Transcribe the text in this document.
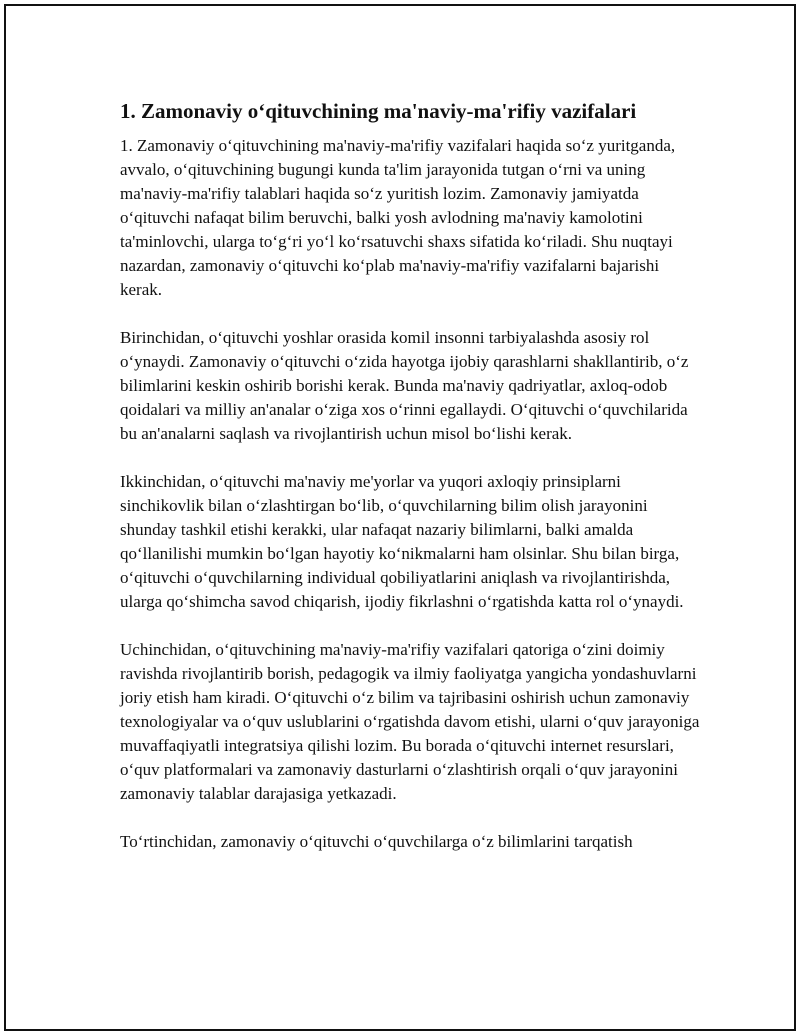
1. Zamonaviy o‘qituvchining ma'naviy-ma'rifiy vazifalari

1. Zamonaviy o‘qituvchining ma'naviy-ma'rifiy vazifalari haqida so‘z yuritganda, avvalo, o‘qituvchining bugungi kunda ta'lim jarayonida tutgan o‘rni va uning ma'naviy-ma'rifiy talablari haqida so‘z yuritish lozim. Zamonaviy jamiyatda o‘qituvchi nafaqat bilim beruvchi, balki yosh avlodning ma'naviy kamolotini ta'minlovchi, ularga to‘g‘ri yo‘l ko‘rsatuvchi shaxs sifatida ko‘riladi. Shu nuqtayi nazardan, zamonaviy o‘qituvchi ko‘plab ma'naviy-ma'rifiy vazifalarni bajarishi kerak.

Birinchidan, o‘qituvchi yoshlar orasida komil insonni tarbiyalashda asosiy rol o‘ynaydi. Zamonaviy o‘qituvchi o‘zida hayotga ijobiy qarashlarni shakllantirib, o‘z bilimlarini keskin oshirib borishi kerak. Bunda ma'naviy qadriyatlar, axloq-odob qoidalari va milliy an'analar o‘ziga xos o‘rinni egallaydi. O‘qituvchi o‘quvchilarida bu an'analarni saqlash va rivojlantirish uchun misol bo‘lishi kerak.

Ikkinchidan, o‘qituvchi ma'naviy me'yorlar va yuqori axloqiy prinsiplarni sinchikovlik bilan o‘zlashtirgan bo‘lib, o‘quvchilarning bilim olish jarayonini shunday tashkil etishi kerakki, ular nafaqat nazariy bilimlarni, balki amalda qo‘llanilishi mumkin bo‘lgan hayotiy ko‘nikmalarni ham olsinlar. Shu bilan birga, o‘qituvchi o‘quvchilarning individual qobiliyatlarini aniqlash va rivojlantirishda, ularga qo‘shimcha savod chiqarish, ijodiy fikrlashni o‘rgatishda katta rol o‘ynaydi.

Uchinchidan, o‘qituvchining ma'naviy-ma'rifiy vazifalari qatoriga o‘zini doimiy ravishda rivojlantirib borish, pedagogik va ilmiy faoliyatga yangicha yondashuvlarni joriy etish ham kiradi. O‘qituvchi o‘z bilim va tajribasini oshirish uchun zamonaviy texnologiyalar va o‘quv uslublarini o‘rgatishda davom etishi, ularni o‘quv jarayoniga muvaffaqiyatli integratsiya qilishi lozim. Bu borada o‘qituvchi internet resurslari, o‘quv platformalari va zamonaviy dasturlarni o‘zlashtirish orqali o‘quv jarayonini zamonaviy talablar darajasiga yetkazadi.

To‘rtinchidan, zamonaviy o‘qituvchi o‘quvchilarga o‘z bilimlarini tarqatish
